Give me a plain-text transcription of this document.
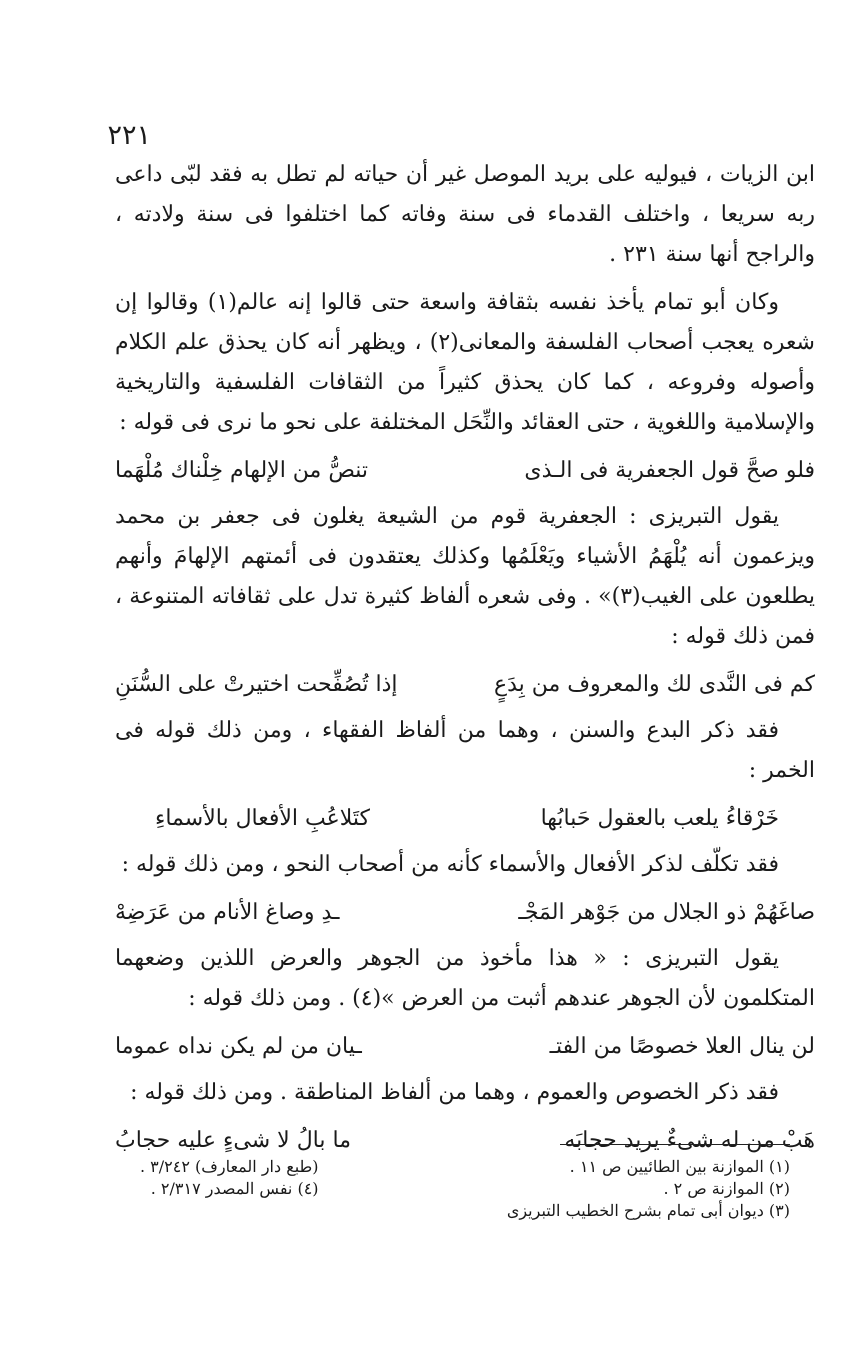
٢٢١

ابن الزيات ، فيوليه على بريد الموصل غير أن حياته لم تطل به فقد لبّى داعى ربه سريعا ، واختلف القدماء فى سنة وفاته كما اختلفوا فى سنة ولادته ، والراجح أنها سنة ٢٣١ .

وكان أبو تمام يأخذ نفسه بثقافة واسعة حتى قالوا إنه عالم(١) وقالوا إن شعره يعجب أصحاب الفلسفة والمعانى(٢) ، ويظهر أنه كان يحذق علم الكلام وأصوله وفروعه ، كما كان يحذق كثيراً من الثقافات الفلسفية والتاريخية والإسلامية واللغوية ، حتى العقائد والنِّحَل المختلفة على نحو ما نرى فى قوله :

فلو صحَّ قول الجعفرية فى الـذى
تنصُّ من الإلهام خِلْناك مُلْهَما

يقول التبريزى : الجعفرية قوم من الشيعة يغلون فى جعفر بن محمد ويزعمون أنه يُلْهَمُ الأشياء ويَعْلَمُها وكذلك يعتقدون فى أئمتهم الإلهامَ وأنهم يطلعون على الغيب(٣)» . وفى شعره ألفاظ كثيرة تدل على ثقافاته المتنوعة ، فمن ذلك قوله :

كم فى النَّدى لك والمعروف من بِدَعٍ
إذا تُصُفِّحت اختيرتْ على السُّنَنِ

فقد ذكر البدع والسنن ، وهما من ألفاظ الفقهاء ، ومن ذلك قوله فى الخمر :

خَرْقاءُ يلعب بالعقول حَبابُها
كتَلاعُبِ الأفعال بالأسماءِ

فقد تكلّف لذكر الأفعال والأسماء كأنه من أصحاب النحو ، ومن ذلك قوله :

صاغَهُمْ ذو الجلال من جَوْهر المَجْـ
ـدِ وصاغ الأنام من عَرَضِهْ

يقول التبريزى : « هذا مأخوذ من الجوهر والعرض اللذين وضعهما المتكلمون لأن الجوهر عندهم أثبت من العرض »(٤) . ومن ذلك قوله :

لن ينال العلا خصوصًا من الفتـ
ـيان من لم يكن نداه عموما

فقد ذكر الخصوص والعموم ، وهما من ألفاظ المناطقة . ومن ذلك قوله :

هَبْ من له شىءٌ يريد حجابَه
ما بالُ لا شىءٍ عليه حجابُ
(١) الموازنة بين الطائيين ص ١١ .
(٢) الموازنة ص ٢ .
(٣) ديوان أبى تمام بشرح الخطيب التبريزى
(طبع دار المعارف) ٣/٢٤٢ .
(٤) نفس المصدر ٢/٣١٧ .
